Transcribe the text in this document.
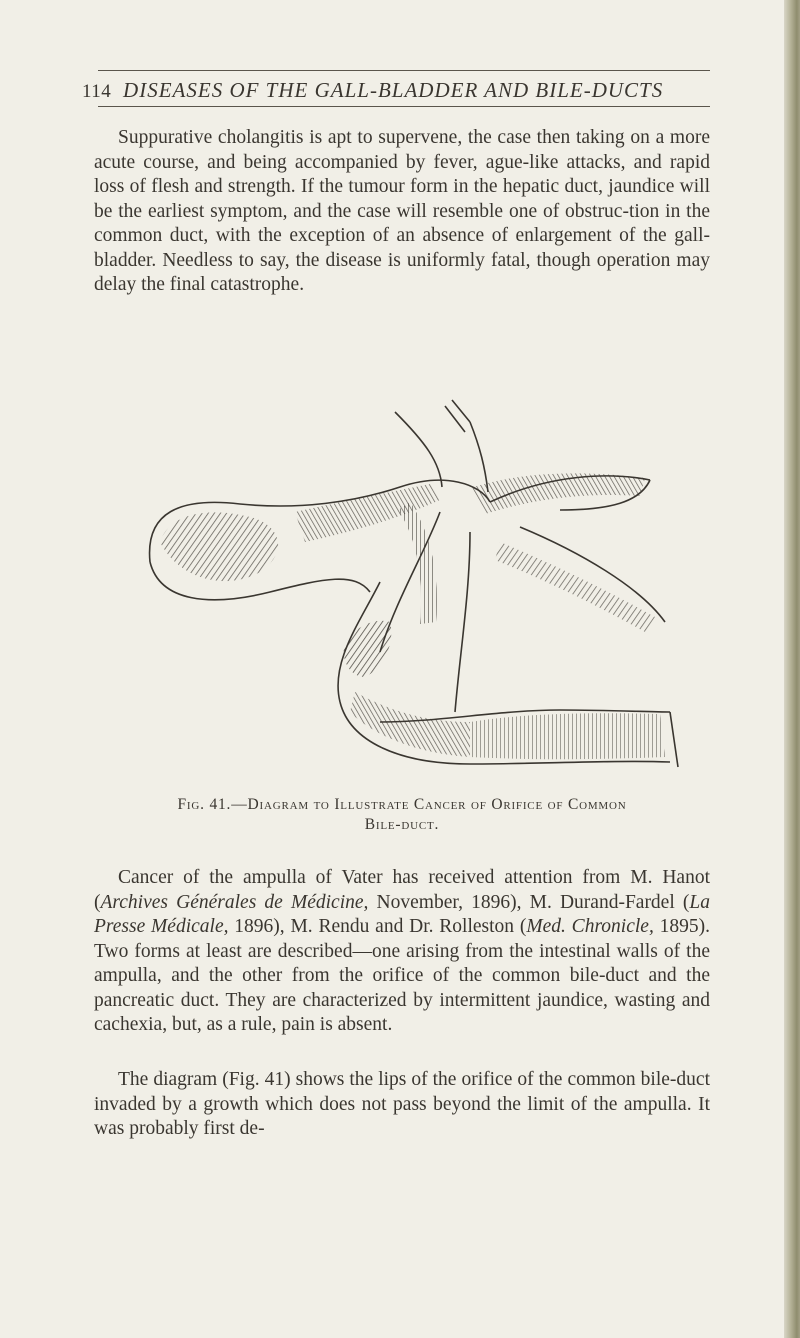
114 DISEASES OF THE GALL-BLADDER AND BILE-DUCTS

Suppurative cholangitis is apt to supervene, the case then taking on a more acute course, and being accompanied by fever, ague-like attacks, and rapid loss of flesh and strength. If the tumour form in the hepatic duct, jaundice will be the earliest symptom, and the case will resemble one of obstruc-tion in the common duct, with the exception of an absence of enlargement of the gall-bladder. Needless to say, the disease is uniformly fatal, though operation may delay the final catastrophe.

Fig. 41.—Diagram to Illustrate Cancer of Orifice of Common
Bile-duct.

Cancer of the ampulla of Vater has received attention from M. Hanot (Archives Générales de Médicine, November, 1896), M. Durand-Fardel (La Presse Médicale, 1896), M. Rendu and Dr. Rolleston (Med. Chronicle, 1895). Two forms at least are described—one arising from the intestinal walls of the ampulla, and the other from the orifice of the common bile-duct and the pancreatic duct. They are characterized by intermittent jaundice, wasting and cachexia, but, as a rule, pain is absent.

The diagram (Fig. 41) shows the lips of the orifice of the common bile-duct invaded by a growth which does not pass beyond the limit of the ampulla. It was probably first de-
